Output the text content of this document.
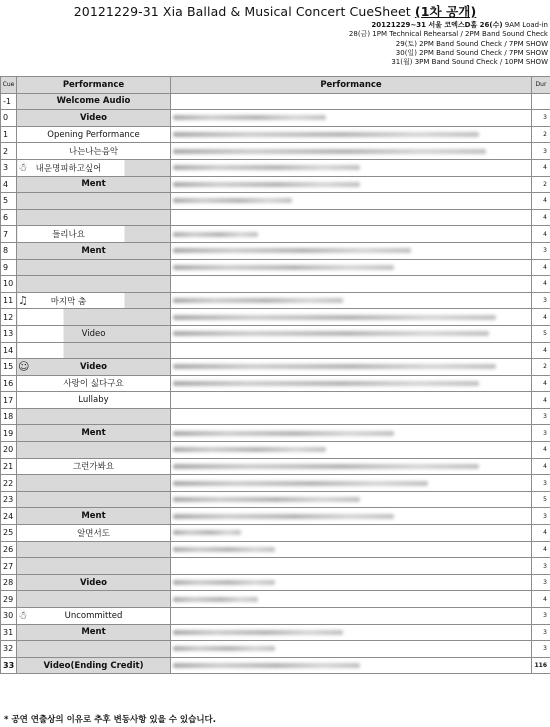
20121229-31 Xia Ballad & Musical Concert CueSheet (1차 공개)
20121229~31 서울 코엑스D홀 26(수) 9AM Load-in
28(금) 1PM Technical Rehearsal / 2PM Band Sound Check
29(토) 2PM Band Sound Check / 7PM SHOW
30(일) 2PM Band Sound Check / 7PM SHOW
31(월) 3PM Band Sound Check / 10PM SHOW
Cue	Performance	Performance	Dur
-1	Welcome Audio		
0	Video		3
1	Opening Performance		2
2	나는나는음악		3
3	☃ 내운명피하고싶어		4
4	Ment		2
5			4
6			4
7	들리나요		4
8	Ment		3
9			4
10			4
11	♫ 마지막 춤		3
12			4
13	Video		5
14			4
15	☺ Video		2
16	사랑이 싫다구요		4
17	Lullaby		4
18			3
19	Ment		3
20			4
21	그런가봐요		4
22			3
23			5
24	Ment		3
25	알면서도		4
26			4
27			3
28	Video		3
29			4
30	☃ Uncommitted		3
31	Ment		3
32			3
33	Video(Ending Credit)		116
* 공연 연출상의 이유로 추후 변동사항 있을 수 있습니다.
